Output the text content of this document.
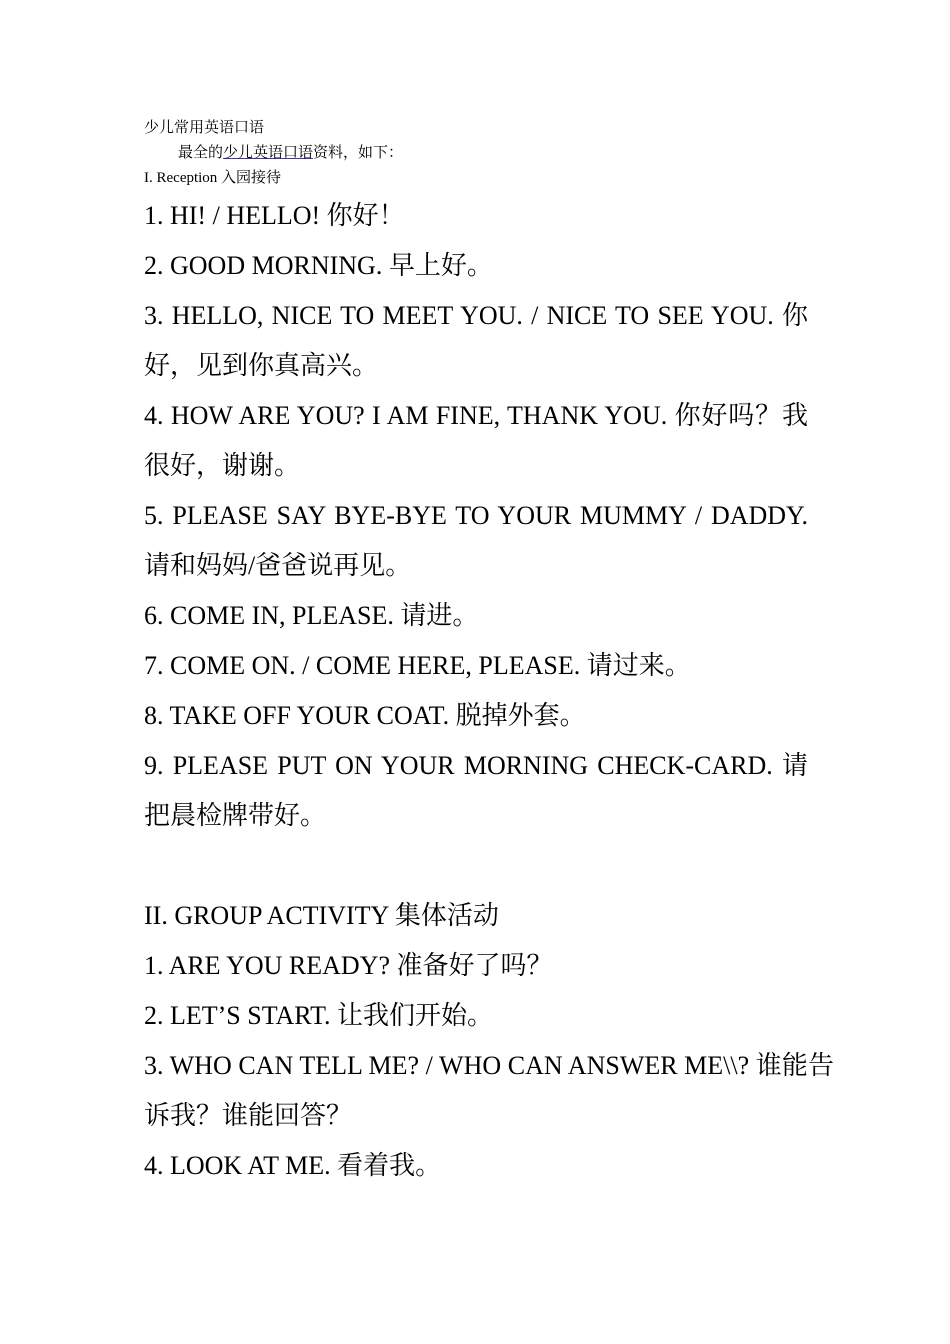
少儿常用英语口语
最全的少儿英语口语资料，如下：
I. Reception 入园接待

1. HI! / HELLO! 你好！

2. GOOD MORNING. 早上好。

3. HELLO, NICE TO MEET YOU. / NICE TO SEE YOU. 你好，见到你真高兴。

4. HOW ARE YOU? I AM FINE, THANK YOU. 你好吗？我很好，谢谢。

5. PLEASE SAY BYE-BYE TO YOUR MUMMY / DADDY. 请和妈妈/爸爸说再见。

6. COME IN, PLEASE. 请进。

7. COME ON. / COME HERE, PLEASE. 请过来。

8. TAKE OFF YOUR COAT. 脱掉外套。

9. PLEASE PUT ON YOUR MORNING CHECK-CARD. 请把晨检牌带好。

II. GROUP ACTIVITY 集体活动

1. ARE YOU READY? 准备好了吗？

2. LET’S START. 让我们开始。

3. WHO CAN TELL ME? / WHO CAN ANSWER ME\\? 谁能告诉我？谁能回答？

4. LOOK AT ME. 看着我。
